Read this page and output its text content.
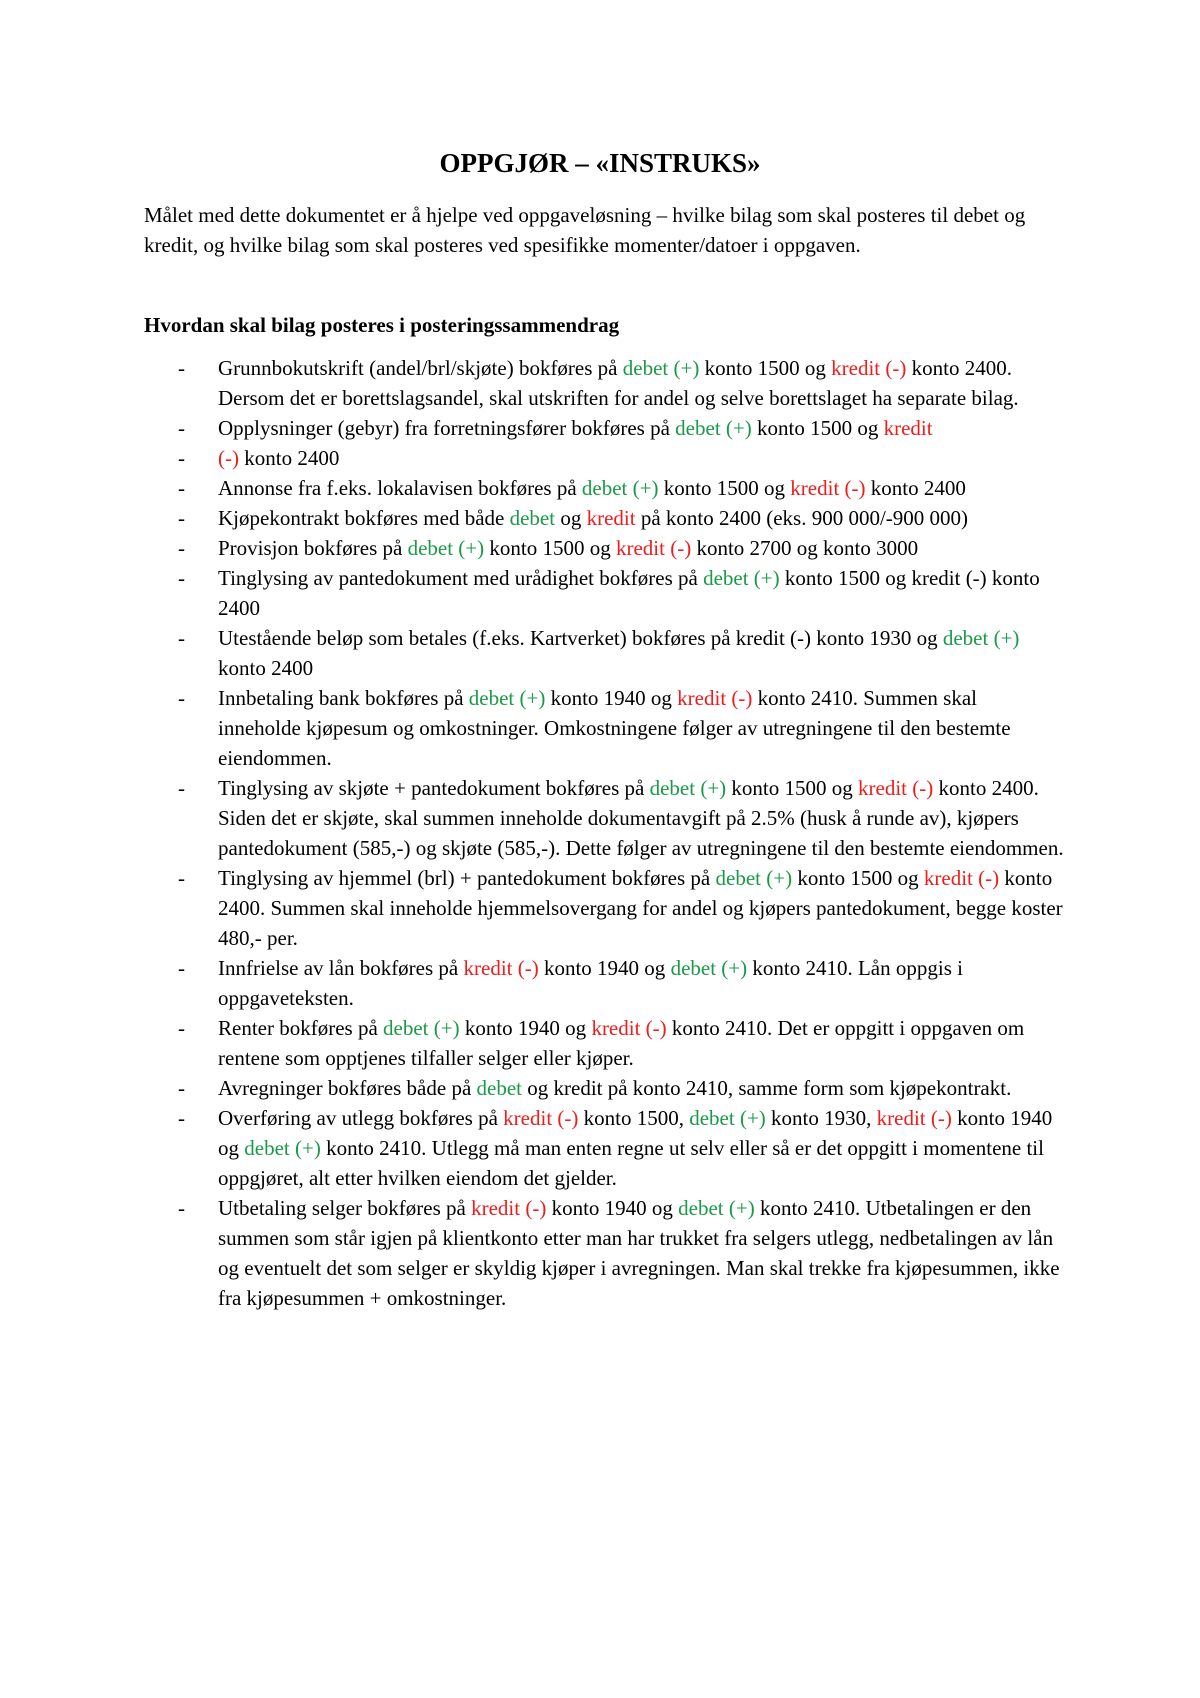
OPPGJØR – «INSTRUKS»

Målet med dette dokumentet er å hjelpe ved oppgaveløsning – hvilke bilag som skal posteres til debet og kredit, og hvilke bilag som skal posteres ved spesifikke momenter/datoer i oppgaven.

Hvordan skal bilag posteres i posteringssammendrag
- Grunnbokutskrift (andel/brl/skjøte) bokføres på debet (+) konto 1500 og kredit (-) konto 2400. Dersom det er borettslagsandel, skal utskriften for andel og selve borettslaget ha separate bilag.
- Opplysninger (gebyr) fra forretningsfører bokføres på debet (+) konto 1500 og kredit
- (-) konto 2400
- Annonse fra f.eks. lokalavisen bokføres på debet (+) konto 1500 og kredit (-) konto 2400
- Kjøpekontrakt bokføres med både debet og kredit på konto 2400 (eks. 900 000/-900 000)
- Provisjon bokføres på debet (+) konto 1500 og kredit (-) konto 2700 og konto 3000
- Tinglysing av pantedokument med urådighet bokføres på debet (+) konto 1500 og kredit (-) konto 2400
- Utestående beløp som betales (f.eks. Kartverket) bokføres på kredit (-) konto 1930 og debet (+) konto 2400
- Innbetaling bank bokføres på debet (+) konto 1940 og kredit (-) konto 2410. Summen skal inneholde kjøpesum og omkostninger. Omkostningene følger av utregningene til den bestemte eiendommen.
- Tinglysing av skjøte + pantedokument bokføres på debet (+) konto 1500 og kredit (-) konto 2400. Siden det er skjøte, skal summen inneholde dokumentavgift på 2.5% (husk å runde av), kjøpers pantedokument (585,-) og skjøte (585,-). Dette følger av utregningene til den bestemte eiendommen.
- Tinglysing av hjemmel (brl) + pantedokument bokføres på debet (+) konto 1500 og kredit (-) konto 2400. Summen skal inneholde hjemmelsovergang for andel og kjøpers pantedokument, begge koster 480,- per.
- Innfrielse av lån bokføres på kredit (-) konto 1940 og debet (+) konto 2410. Lån oppgis i oppgaveteksten.
- Renter bokføres på debet (+) konto 1940 og kredit (-) konto 2410. Det er oppgitt i oppgaven om rentene som opptjenes tilfaller selger eller kjøper.
- Avregninger bokføres både på debet og kredit på konto 2410, samme form som kjøpekontrakt.
- Overføring av utlegg bokføres på kredit (-) konto 1500, debet (+) konto 1930, kredit (-) konto 1940 og debet (+) konto 2410. Utlegg må man enten regne ut selv eller så er det oppgitt i momentene til oppgjøret, alt etter hvilken eiendom det gjelder.
- Utbetaling selger bokføres på kredit (-) konto 1940 og debet (+) konto 2410. Utbetalingen er den summen som står igjen på klientkonto etter man har trukket fra selgers utlegg, nedbetalingen av lån og eventuelt det som selger er skyldig kjøper i avregningen. Man skal trekke fra kjøpesummen, ikke fra kjøpesummen + omkostninger.
